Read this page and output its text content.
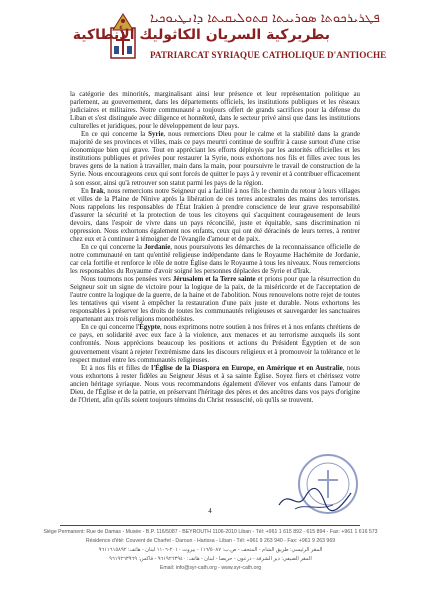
ܦܛܪܝܪܟܘܬܐ ܣܘܪܝܝܬܐ ܩܬܘܠܝܩܝܬܐ ܕܐܢܛܝܘܟܝܐ
بطريركية السريان الكاثوليك الأنطاكية
PATRIARCAT SYRIAQUE CATHOLIQUE D'ANTIOCHE

la catégorie des minorités, marginalisant ainsi leur présence et leur représentation politique au parlement, au gouvernement, dans les départements officiels, les institutions publiques et les réseaux judiciaires et militaires. Notre communauté a toujours offert de grands sacrifices pour la défense du Liban et s'est distinguée avec diligence et honnêteté, dans le secteur privé ainsi que dans les institutions culturelles et juridiques, pour le développement de leur pays.

En ce qui concerne la Syrie, nous remercions Dieu pour le calme et la stabilité dans la grande majorité de ses provinces et villes, mais ce pays meurtri continue de souffrir à cause surtout d'une crise économique bien qui grave. Tout en appréciant les efforts déployés par les autorités officielles et les institutions publiques et privées pour restaurer la Syrie, nous exhortons nos fils et filles avec tous les braves gens de la nation à travailler, main dans la main, pour poursuivre le travail de construction de la Syrie. Nous encourageons ceux qui sont forcés de quitter le pays à y revenir et à contribuer efficacement à son essor, ainsi qu'à retrouver son statut parmi les pays de la région.

En Irak, nous remercions notre Seigneur qui a facilité à nos fils le chemin du retour à leurs villages et villes de la Plaine de Ninive après la libération de ces terres ancestrales des mains des terroristes. Nous rappelons les responsables de l'État Irakien à prendre conscience de leur grave responsabilité d'assurer la sécurité et la protection de tous les citoyens qui s'acquittent courageusement de leurs devoirs, dans l'espoir de vivre dans un pays réconcilié, juste et équitable, sans discrimination ni oppression. Nous exhortons également nos enfants, ceux qui ont été déracinés de leurs terres, à rentrer chez eux et à continuer à témoigner de l'évangile d'amour et de paix.

En ce qui concerne la Jordanie, nous poursuivons les démarches de la reconnaissance officielle de notre communauté en tant qu'entité religieuse indépendante dans le Royaume Hachémite de Jordanie, car cela fortifie et renforce le rôle de notre Église dans le Royaume à tous les niveaux. Nous remercions les responsables du Royaume d'avoir soigné les personnes déplacées de Syrie et d'Irak.

Nous tournons nos pensées vers Jérusalem et la Terre sainte et prions pour que la résurrection du Seigneur soit un signe de victoire pour la logique de la paix, de la miséricorde et de l'acceptation de l'autre contre la logique de la guerre, de la haine et de l'abolition. Nous renouvelons notre rejet de toutes les tentatives qui visent à empêcher la restauration d'une paix juste et durable. Nous exhortons les responsables à préserver les droits de toutes les communautés religieuses et sauvegarder les sanctuaires appartenant aux trois religions monothéistes.

En ce qui concerne l'Égypte, nous exprimons notre soutien à nos frères et à nos enfants chrétiens de ce pays, en solidarité avec eux face à la violence, aux menaces et au terrorisme auxquels ils sont confrontés. Nous apprécions beaucoup les positions et actions du Président Égyptien et de son gouvernement visant à rejeter l'extrémisme dans les discours religieux et à promouvoir la tolérance et le respect mutuel entre les communautés religieuses.

Et à nos fils et filles de l'Église de la Diaspora en Europe, en Amérique et en Australie, nous vous exhortons à rester fidèles au Seigneur Jésus et à sa sainte Église. Soyez fiers et chérissez votre ancien héritage syriaque. Nous vous recommandons également d'élever vos enfants dans l'amour de Dieu, de l'Église et de la patrie, en préservant l'héritage des pères et des ancêtres dans vos pays d'origine de l'Orient, afin qu'ils soient toujours témoins du Christ ressuscité, où qu'ils se trouvent.

4
Siège Permanent: Rue de Damas - Musée - B.P. 116/5087 - BEYROUTH 1106-2010 Liban - Tél: +961 1 615 892 - 615 894 - Fax: +961 1 616 573
Résidence d'été: Couvent de Charfet - Daroun - Harissa - Liban - Tél: +961 9 263 940 - Fax: +961 9 263 969
المقر الرئيسي: طريق الشام - المتحف - ص.ب: ١١٦/٥٠٨٧ - بيروت ٢٠١٠-١١٠٦ لبنان - هاتف: ٩٦١١٦١٥٨٩٢
المقر الصيفي: دير الشرفة - درعون - حريصا - لبنان - هاتف: ٩٦١٩٢٦٣٩٤٠ - فاكس: ٩٦١٩٢٦٣٩٦٩
Email: info@syr-cath.org - www.syr-cath.org
